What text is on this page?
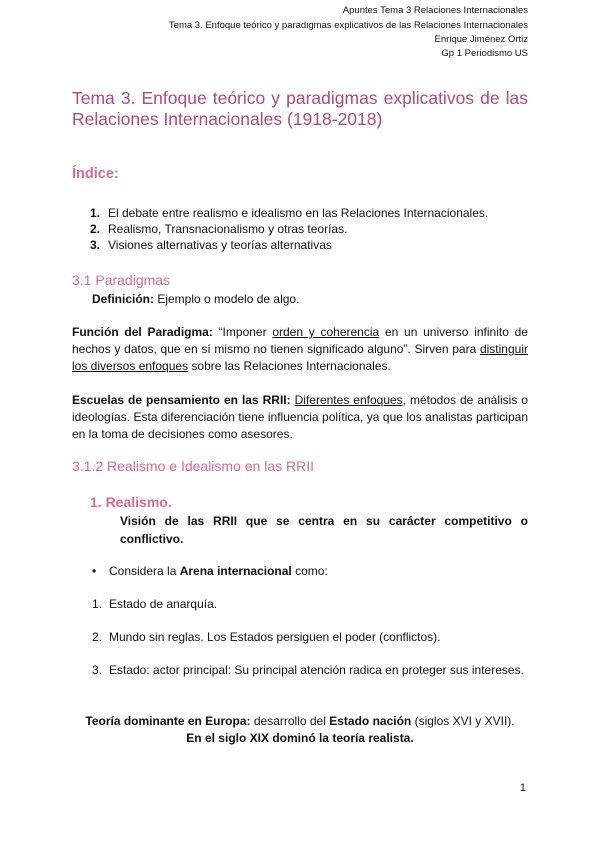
Apuntes Tema 3 Relaciones Internacionales
Tema 3. Enfoque teórico y paradigmas explicativos de las Relaciones Internacionales
Enrique Jiménez Ortiz
Gp 1 Periodismo US
Tema 3. Enfoque teórico y paradigmas explicativos de las
Relaciones Internacionales (1918-2018)
Índice:
1. El debate entre realismo e idealismo en las Relaciones Internacionales.
2. Realismo, Transnacionalismo y otras teorías.
3. Visiones alternativas y teorías alternativas
3.1 Paradigmas
Definición: Ejemplo o modelo de algo.
Función del Paradigma: “Imponer orden y coherencia en un universo infinito de hechos y datos, que en sí mismo no tienen significado alguno”. Sirven para distinguir los diversos enfoques sobre las Relaciones Internacionales.
Escuelas de pensamiento en las RRII: Diferentes enfoques, métodos de análisis o ideologías. Esta diferenciación tiene influencia política, ya que los analistas participan en la toma de decisiones como asesores.
3.1.2 Realismo e Idealismo en las RRII
1. Realismo.
Visión de las RRII que se centra en su carácter competitivo o conflictivo.
• Considera la Arena internacional como:
1. Estado de anarquía.
2. Mundo sin reglas. Los Estados persiguen el poder (conflictos).
3. Estado: actor principal: Su principal atención radica en proteger sus intereses.
Teoría dominante en Europa: desarrollo del Estado nación (siglos XVI y XVII).
En el siglo XIX dominó la teoría realista.
1
